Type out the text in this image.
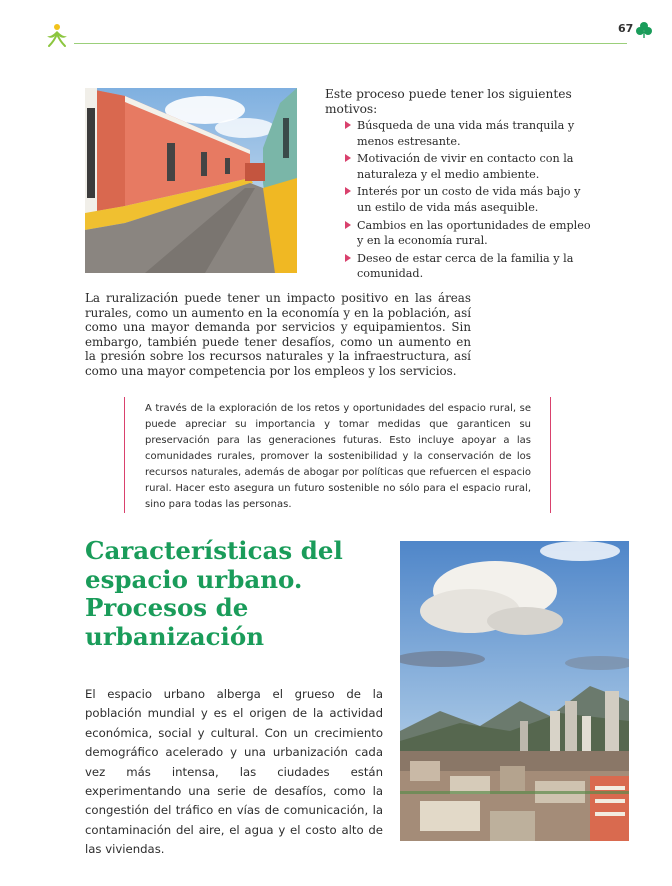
67

Este proceso puede tener los siguientes motivos:

Búsqueda de una vida más tranquila y menos estresante.
Motivación de vivir en contacto con la naturaleza y el medio ambiente.
Interés por un costo de vida más bajo y un estilo de vida más asequible.
Cambios en las oportunidades de empleo y en la economía rural.
Deseo de estar cerca de la familia y la comunidad.

La ruralización puede tener un impacto positivo en las áreas rurales, como un aumento en la economía y en la población, así como una mayor demanda por servicios y equipamientos. Sin embargo, también puede tener desafíos, como un aumento en la presión sobre los recursos naturales y la infraestructura, así como una mayor competencia por los empleos y los servicios.

A través de la exploración de los retos y oportunidades del espacio rural, se puede apreciar su importancia y tomar medidas que garanticen su preservación para las generaciones futuras. Esto incluye apoyar a las comunidades rurales, promover la sostenibilidad y la conservación de los recursos naturales, además de abogar por políticas que refuercen el espacio rural. Hacer esto asegura un futuro sostenible no sólo para el espacio rural, sino para todas las personas.

Características del espacio urbano. Procesos de urbanización

El espacio urbano alberga el grueso de la población mundial y es el origen de la actividad económica, social y cultural. Con un crecimiento demográfico acelerado y una urbanización cada vez más intensa, las ciudades están experimentando una serie de desafíos, como la congestión del tráfico en vías de comunicación, la contaminación del aire, el agua y el costo alto de las viviendas.
